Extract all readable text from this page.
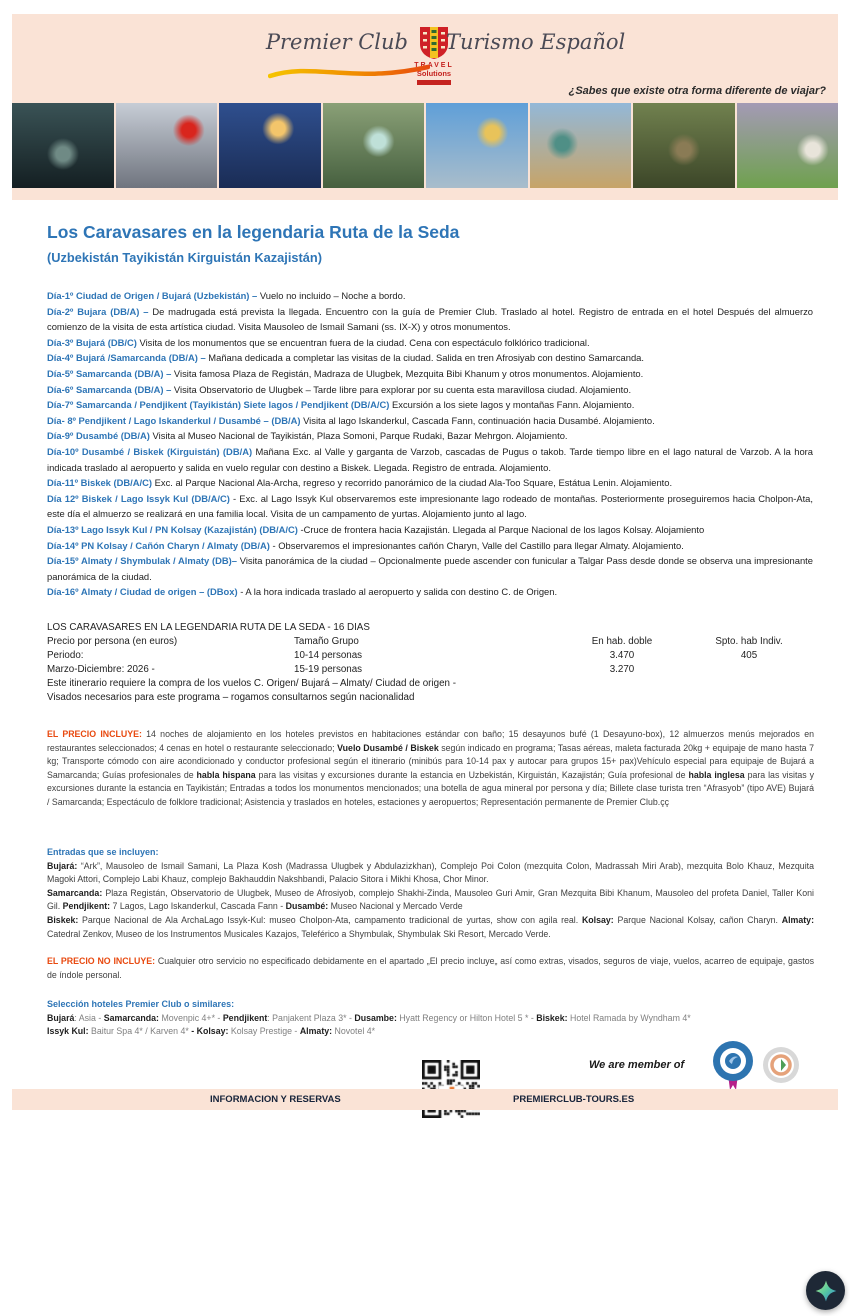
Premier Club
TRAVEL
Solutions
Turismo Español
¿Sabes que existe otra forma diferente de viajar?
Los Caravasares en la legendaria Ruta de la Seda
(Uzbekistán Tayikistán Kirguistán Kazajistán)

Día-1º Ciudad de Origen / Bujará (Uzbekistán) – Vuelo no incluido – Noche a bordo.

Día-2º Bujara (DB/A) – De madrugada está prevista la llegada. Encuentro con la guía de Premier Club. Traslado al hotel. Registro de entrada en el hotel Después del almuerzo comienzo de la visita de esta artística ciudad. Visita Mausoleo de Ismail Samani (ss. IX-X) y otros monumentos.

Día-3º Bujará (DB/C) Visita de los monumentos que se encuentran fuera de la ciudad. Cena con espectáculo folklórico tradicional.

Día-4º Bujará /Samarcanda (DB/A) – Mañana dedicada a completar las visitas de la ciudad. Salida en tren Afrosiyab con destino Samarcanda.

Día-5º Samarcanda (DB/A) – Visita famosa Plaza de Registán, Madraza de Ulugbek, Mezquita Bibi Khanum y otros monumentos. Alojamiento.

Día-6º Samarcanda (DB/A) – Visita Observatorio de Ulugbek – Tarde libre para explorar por su cuenta esta maravillosa ciudad. Alojamiento.

Día-7º Samarcanda / Pendjikent (Tayikistán) Siete lagos / Pendjikent (DB/A/C) Excursión a los siete lagos y montañas Fann. Alojamiento.

Día- 8º Pendjikent / Lago Iskanderkul / Dusambé – (DB/A) Visita al lago Iskanderkul, Cascada Fann, continuación hacia Dusambé. Alojamiento.

Día-9º Dusambé (DB/A) Visita al Museo Nacional de Tayikistán, Plaza Somoni, Parque Rudaki, Bazar Mehrgon. Alojamiento.

Día-10º Dusambé / Biskek (Kirguistán) (DB/A) Mañana Exc. al Valle y garganta de Varzob, cascadas de Pugus o takob. Tarde tiempo libre en el lago natural de Varzob. A la hora indicada traslado al aeropuerto y salida en vuelo regular con destino a Biskek. Llegada. Registro de entrada. Alojamiento.

Día-11º Biskek (DB/A/C) Exc. al Parque Nacional Ala-Archa, regreso y recorrido panorámico de la ciudad Ala-Too Square, Estátua Lenin. Alojamiento.

Día 12º Biskek / Lago Issyk Kul (DB/A/C) - Exc. al Lago Issyk Kul observaremos este impresionante lago rodeado de montañas. Posteriormente proseguiremos hacia Cholpon-Ata, este día el almuerzo se realizará en una familia local. Visita de un campamento de yurtas. Alojamiento junto al lago.

Día-13º Lago Issyk Kul / PN Kolsay (Kazajistán) (DB/A/C) -Cruce de frontera hacia Kazajistán. Llegada al Parque Nacional de los lagos Kolsay. Alojamiento

Día-14º PN Kolsay / Cañón Charyn / Almaty (DB/A) - Observaremos el impresionantes cañón Charyn, Valle del Castillo para llegar Almaty. Alojamiento.

Día-15º Almaty / Shymbulak / Almaty (DB)– Visita panorámica de la ciudad – Opcionalmente puede ascender con funicular a Talgar Pass desde donde se observa una impresionante panorámica de la ciudad.

Día-16º Almaty / Ciudad de origen – (DBox) - A la hora indicada traslado al aeropuerto y salida con destino C. de Origen.

LOS CARAVASARES EN LA LEGENDARIA RUTA DE LA SEDA - 16 DIAS
Precio por persona (en euros)	Tamaño Grupo	En hab. doble	Spto. hab Indiv.
Periodo:	10-14 personas	3.470	405
Marzo-Diciembre: 2026 -	15-19 personas	3.270
Este itinerario requiere la compra de los vuelos C. Origen/ Bujará – Almaty/ Ciudad de origen -
Visados necesarios para este programa – rogamos consultarnos según nacionalidad

EL PRECIO INCLUYE: 14 noches de alojamiento en los hoteles previstos en habitaciones estándar con baño; 15 desayunos bufé (1 Desayuno-box), 12 almuerzos menús mejorados en restaurantes seleccionados; 4 cenas en hotel o restaurante seleccionado; Vuelo Dusambé / Biskek según indicado en programa; Tasas aéreas, maleta facturada 20kg + equipaje de mano hasta 7 kg; Transporte cómodo con aire acondicionado y conductor profesional según el itinerario (minibús para 10-14 pax y autocar para grupos 15+ pax)Vehículo especial para equipaje de Bujará a Samarcanda; Guías profesionales de habla hispana para las visitas y excursiones durante la estancia en Uzbekistán, Kirguistán, Kazajistán; Guía profesional de habla inglesa para las visitas y excursiones durante la estancia en Tayikistán; Entradas a todos los monumentos mencionados; una botella de agua mineral por persona y día; Billete clase turista tren “Afrasyob” (tipo AVE) Bujará / Samarcanda; Espectáculo de folklore tradicional; Asistencia y traslados en hoteles, estaciones y aeropuertos; Representación permanente de Premier Club.çç

Entradas que se incluyen:

Bujará: “Ark”, Mausoleo de Ismail Samani, La Plaza Kosh (Madrassa Ulugbek y Abdulazizkhan), Complejo Poi Colon (mezquita Colon, Madrassah Miri Arab), mezquita Bolo Khauz, Mezquita Magoki Attori, Complejo Labi Khauz, complejo Bakhauddin Nakshbandi, Palacio Sitora i Mikhi Khosa, Chor Minor.

Samarcanda: Plaza Registán, Observatorio de Ulugbek, Museo de Afrosiyob, complejo Shakhi-Zinda, Mausoleo Guri Amir, Gran Mezquita Bibi Khanum, Mausoleo del profeta Daniel, Taller Koni Gil. Pendjikent: 7 Lagos, Lago Iskanderkul, Cascada Fann - Dusambé: Museo Nacional y Mercado Verde

Biskek: Parque Nacional de Ala ArchaLago Issyk-Kul: museo Cholpon-Ata, campamento tradicional de yurtas, show con agila real. Kolsay: Parque Nacional Kolsay, cañon Charyn. Almaty: Catedral Zenkov, Museo de los Instrumentos Musicales Kazajos, Teleférico a Shymbulak, Shymbulak Ski Resort, Mercado Verde.

EL PRECIO NO INCLUYE: Cualquier otro servicio no especificado debidamente en el apartado „El precio incluye„ así como extras, visados, seguros de viaje, vuelos, acarreo de equipaje, gastos de índole personal.

Selección hoteles Premier Club o similares:

Bujará: Asia - Samarcanda: Movenpic 4+* - Pendjikent: Panjakent Plaza 3* - Dusambe: Hyatt Regency or Hilton Hotel 5 * - Biskek: Hotel Ramada by Wyndham 4*

Issyk Kul: Baitur Spa 4* / Karven 4* - Kolsay: Kolsay Prestige - Almaty: Novotel 4*

We are member of
INFORMACION Y RESERVAS	PREMIERCLUB-TOURS.ES
